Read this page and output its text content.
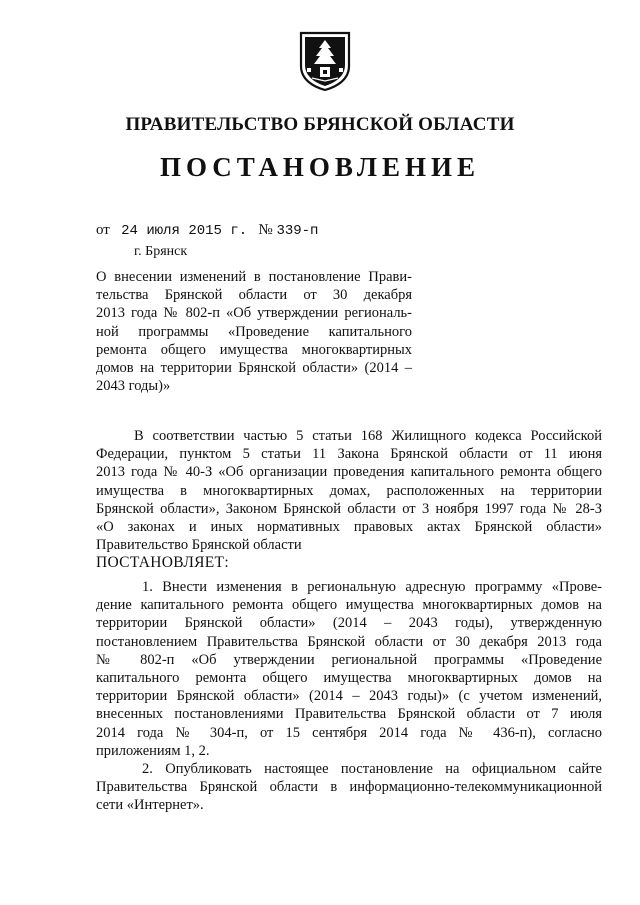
ПРАВИТЕЛЬСТВО БРЯНСКОЙ ОБЛАСТИ
ПОСТАНОВЛЕНИЕ
от 24 июля 2015 г. № 339-п
г. Брянск
О внесении изменений в постановление Прави-
тельства Брянской области от 30 декабря
2013 года № 802-п «Об утверждении региональ-
ной программы «Проведение капитального
ремонта общего имущества многоквартирных
домов на территории Брянской области» (2014 –
2043 годы)»
В соответствии частью 5 статьи 168 Жилищного кодекса Российской
Федерации, пунктом 5 статьи 11 Закона Брянской области от 11 июня
2013 года № 40-З «Об организации проведения капитального ремонта общего
имущества в многоквартирных домах, расположенных на территории
Брянской области», Законом Брянской области от 3 ноября 1997 года № 28-З
«О законах и иных нормативных правовых актах Брянской области»
Правительство Брянской области
ПОСТАНОВЛЯЕТ:
1. Внести изменения в региональную адресную программу «Прове-
дение капитального ремонта общего имущества многоквартирных домов на
территории Брянской области» (2014 – 2043 годы), утвержденную
постановлением Правительства Брянской области от 30 декабря 2013 года
№ 802-п «Об утверждении региональной программы «Проведение
капитального ремонта общего имущества многоквартирных домов на
территории Брянской области» (2014 – 2043 годы)» (с учетом изменений,
внесенных постановлениями Правительства Брянской области от 7 июля
2014 года № 304-п, от 15 сентября 2014 года № 436-п), согласно
приложениям 1, 2.
2. Опубликовать настоящее постановление на официальном сайте
Правительства Брянской области в информационно-телекоммуникационной
сети «Интернет».
